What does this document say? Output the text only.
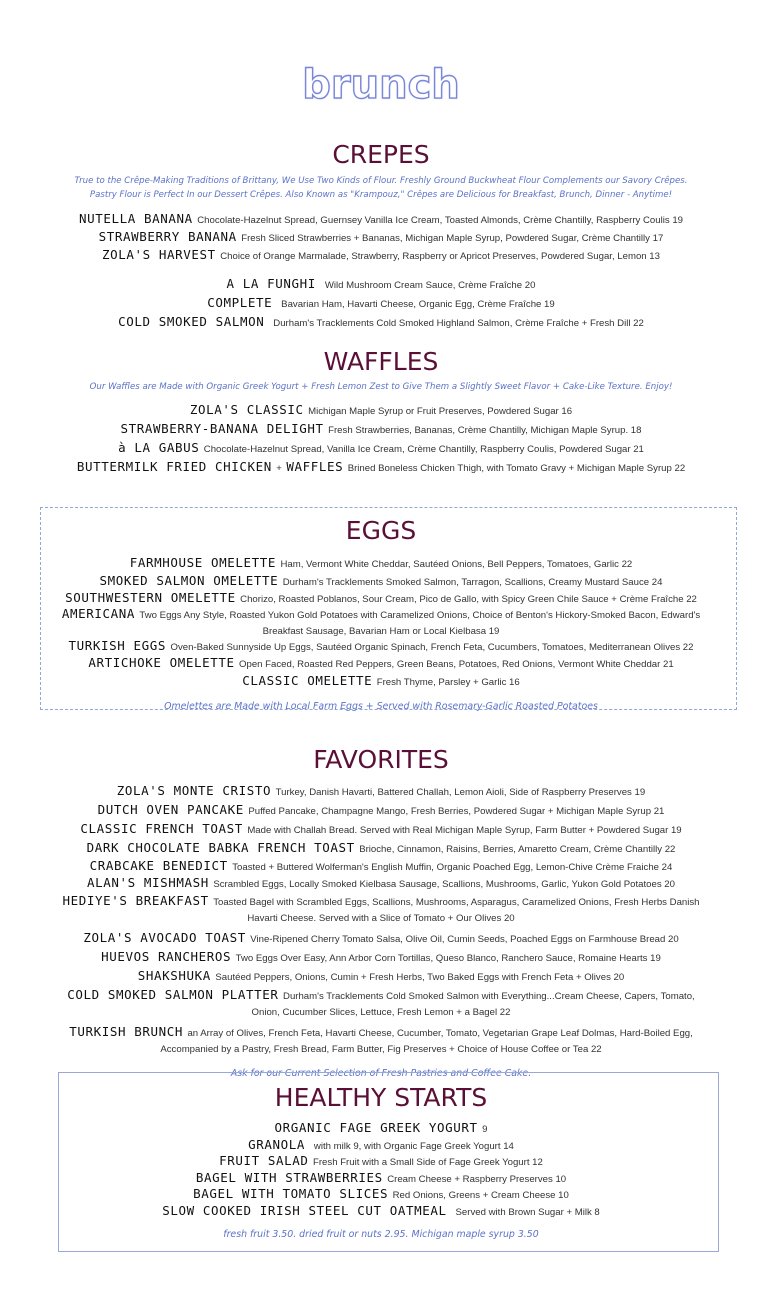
brunch
CREPES
True to the Crêpe-Making Traditions of Brittany, We Use Two Kinds of Flour. Freshly Ground Buckwheat Flour Complements our Savory Crêpes.
Pastry Flour is Perfect In our Dessert Crêpes. Also Known as "Krampouz," Crêpes are Delicious for Breakfast, Brunch, Dinner - Anytime!
NUTELLA BANANA Chocolate-Hazelnut Spread, Guernsey Vanilla Ice Cream, Toasted Almonds, Crème Chantilly, Raspberry Coulis 19
STRAWBERRY BANANA Fresh Sliced Strawberries + Bananas, Michigan Maple Syrup, Powdered Sugar, Crème Chantilly 17
ZOLA'S HARVEST Choice of Orange Marmalade, Strawberry, Raspberry or Apricot Preserves, Powdered Sugar, Lemon 13
A LA FUNGHI Wild Mushroom Cream Sauce, Crème Fraîche 20
COMPLETE Bavarian Ham, Havarti Cheese, Organic Egg, Crème Fraîche 19
COLD SMOKED SALMON Durham's Tracklements Cold Smoked Highland Salmon, Crème Fraîche + Fresh Dill 22
WAFFLES
Our Waffles are Made with Organic Greek Yogurt + Fresh Lemon Zest to Give Them a Slightly Sweet Flavor + Cake-Like Texture. Enjoy!
ZOLA'S CLASSIC Michigan Maple Syrup or Fruit Preserves, Powdered Sugar 16
STRAWBERRY-BANANA DELIGHT Fresh Strawberries, Bananas, Crème Chantilly, Michigan Maple Syrup. 18
à LA GABUS Chocolate-Hazelnut Spread, Vanilla Ice Cream, Crème Chantilly, Raspberry Coulis, Powdered Sugar 21
BUTTERMILK FRIED CHICKEN + WAFFLES Brined Boneless Chicken Thigh, with Tomato Gravy + Michigan Maple Syrup 22
EGGS
FARMHOUSE OMELETTE Ham, Vermont White Cheddar, Sautéed Onions, Bell Peppers, Tomatoes, Garlic 22
SMOKED SALMON OMELETTE Durham's Tracklements Smoked Salmon, Tarragon, Scallions, Creamy Mustard Sauce 24
SOUTHWESTERN OMELETTE Chorizo, Roasted Poblanos, Sour Cream, Pico de Gallo, with Spicy Green Chile Sauce + Crème Fraîche 22
AMERICANA Two Eggs Any Style, Roasted Yukon Gold Potatoes with Caramelized Onions, Choice of Benton's Hickory-Smoked Bacon, Edward's Breakfast Sausage, Bavarian Ham or Local Kielbasa 19
TURKISH EGGS Oven-Baked Sunnyside Up Eggs, Sautéed Organic Spinach, French Feta, Cucumbers, Tomatoes, Mediterranean Olives 22
ARTICHOKE OMELETTE Open Faced, Roasted Red Peppers, Green Beans, Potatoes, Red Onions, Vermont White Cheddar 21
CLASSIC OMELETTE Fresh Thyme, Parsley + Garlic 16
Omelettes are Made with Local Farm Eggs + Served with Rosemary-Garlic Roasted Potatoes
FAVORITES
ZOLA'S MONTE CRISTO Turkey, Danish Havarti, Battered Challah, Lemon Aioli, Side of Raspberry Preserves 19
DUTCH OVEN PANCAKE Puffed Pancake, Champagne Mango, Fresh Berries, Powdered Sugar + Michigan Maple Syrup 21
CLASSIC FRENCH TOAST Made with Challah Bread. Served with Real Michigan Maple Syrup, Farm Butter + Powdered Sugar 19
DARK CHOCOLATE BABKA FRENCH TOAST Brioche, Cinnamon, Raisins, Berries, Amaretto Cream, Crème Chantilly 22
CRABCAKE BENEDICT Toasted + Buttered Wolferman's English Muffin, Organic Poached Egg, Lemon-Chive Crème Fraiche 24
ALAN'S MISHMASH Scrambled Eggs, Locally Smoked Kielbasa Sausage, Scallions, Mushrooms, Garlic, Yukon Gold Potatoes 20
HEDIYE'S BREAKFAST Toasted Bagel with Scrambled Eggs, Scallions, Mushrooms, Asparagus, Caramelized Onions, Fresh Herbs Danish Havarti Cheese. Served with a Slice of Tomato + Our Olives 20
ZOLA'S AVOCADO TOAST Vine-Ripened Cherry Tomato Salsa, Olive Oil, Cumin Seeds, Poached Eggs on Farmhouse Bread 20
HUEVOS RANCHEROS Two Eggs Over Easy, Ann Arbor Corn Tortillas, Queso Blanco, Ranchero Sauce, Romaine Hearts 19
SHAKSHUKA Sautéed Peppers, Onions, Cumin + Fresh Herbs, Two Baked Eggs with French Feta + Olives 20
COLD SMOKED SALMON PLATTER Durham's Tracklements Cold Smoked Salmon with Everything...Cream Cheese, Capers, Tomato, Onion, Cucumber Slices, Lettuce, Fresh Lemon + a Bagel 22
TURKISH BRUNCH an Array of Olives, French Feta, Havarti Cheese, Cucumber, Tomato, Vegetarian Grape Leaf Dolmas, Hard-Boiled Egg, Accompanied by a Pastry, Fresh Bread, Farm Butter, Fig Preserves + Choice of House Coffee or Tea 22
Ask for our Current Selection of Fresh Pastries and Coffee Cake.
HEALTHY STARTS
ORGANIC FAGE GREEK YOGURT 9
GRANOLA with milk 9, with Organic Fage Greek Yogurt 14
FRUIT SALAD Fresh Fruit with a Small Side of Fage Greek Yogurt 12
BAGEL WITH STRAWBERRIES Cream Cheese + Raspberry Preserves 10
BAGEL WITH TOMATO SLICES Red Onions, Greens + Cream Cheese 10
SLOW COOKED IRISH STEEL CUT OATMEAL Served with Brown Sugar + Milk 8
fresh fruit 3.50. dried fruit or nuts 2.95. Michigan maple syrup 3.50
